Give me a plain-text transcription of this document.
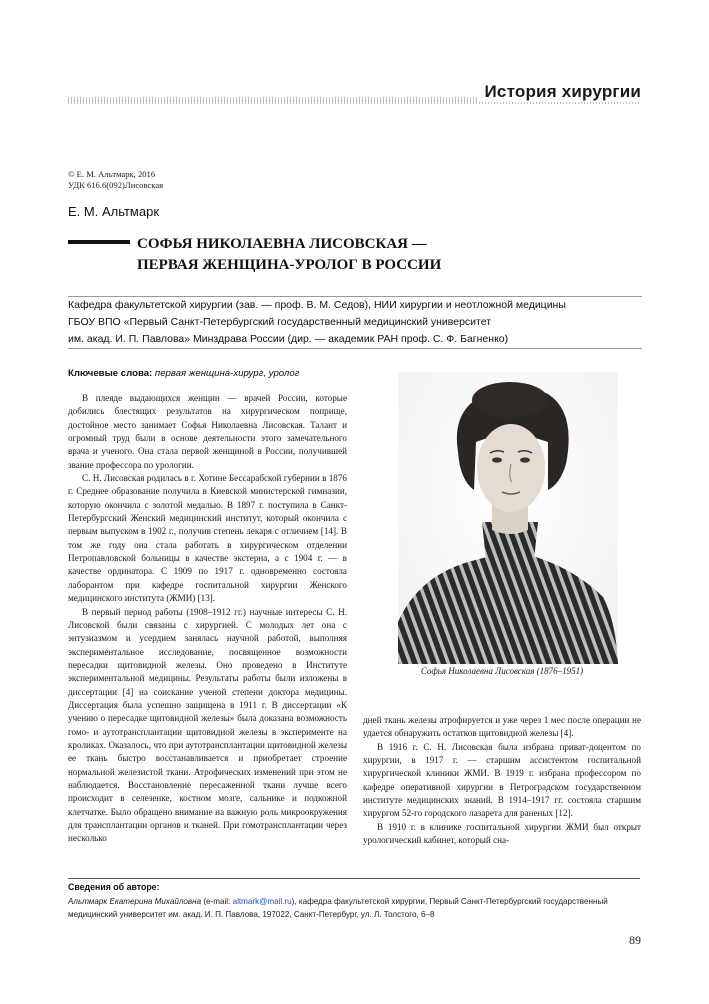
История хирургии
© Е. М. Альтмарк, 2016
УДК 616.6(092)Лисовская
Е. М. Альтмарк
СОФЬЯ НИКОЛАЕВНА ЛИСОВСКАЯ —
ПЕРВАЯ ЖЕНЩИНА-УРОЛОГ В РОССИИ
Кафедра факультетской хирургии (зав. — проф. В. М. Седов), НИИ хирургии и неотложной медицины
ГБОУ ВПО «Первый Санкт-Петербургский государственный медицинский университет
им. акад. И. П. Павлова» Минздрава России (дир. — академик РАН проф. С. Ф. Багненко)
Ключевые слова: первая женщина-хирург, уролог

В плеяде выдающихся женщин — врачей России, которые добились блестящих результатов на хирургическом поприще, достойное место занимает Софья Николаевна Лисовская. Талант и огромный труд были в основе деятельности этого замечательного врача и ученого. Она стала первой женщиной в России, получившей звание профессора по урологии.

С. Н. Лисовская родилась в г. Хотине Бессарабской губернии в 1876 г. Среднее образование получила в Киевской министерской гимназии, которую окончила с золотой медалью. В 1897 г. поступила в Санкт-Петербургский Женский медицинский институт, который окончила с первым выпуском в 1902 г., получив степень лекаря с отличием [14]. В том же году она стала работать в хирургическом отделении Петропавловской больницы в качестве экстерна, а с 1904 г. — в качестве ординатора. С 1909 по 1917 г. одновременно состояла лаборантом при кафедре госпитальной хирургии Женского медицинского института (ЖМИ) [13].

В первый период работы (1908–1912 гг.) научные интересы С. Н. Лисовской были связаны с хирургией. С молодых лет она с энтузиазмом и усердием занялась научной работой, выполняя экспериментальное исследование, посвященное возможности пересадки щитовидной железы. Оно проведено в Институте экспериментальной медицины. Результаты работы были изложены в диссертации [4] на соискание ученой степени доктора медицины. Диссертация была успешно защищена в 1911 г. В диссертации «К учению о пересадке щитовидной железы» была доказана возможность гомо- и аутотрансплантации щитовидной железы в эксперименте на кроликах. Оказалось, что при аутотрансплантации щитовидной железы ее ткань быстро восстанавливается и приобретает строение нормальной железистой ткани. Атрофических изменений при этом не наблюдается. Восстановление пересаженной ткани лучше всего происходит в селезенке, костном мозге, сальнике и подкожной клетчатке. Было обращено внимание на важную роль микроокружения для трансплантации органов и тканей. При гомотрансплантации через несколько

Софья Николаевна Лисовская (1876–1951)

дней ткань железы атрофируется и уже через 1 мес после операции не удается обнаружить остатков щитовидной железы [4].

В 1916 г. С. Н. Лисовская была избрана приват-доцентом по хирургии, в 1917 г. — старшим ассистентом госпитальной хирургической клиники ЖМИ. В 1919 г. избрана профессором по кафедре оперативной хирургии в Петроградском государственном институте медицинских знаний. В 1914–1917 гг. состояла старшим хирургом 52-го городского лазарета для раненых [12].

В 1910 г. в клинике госпитальной хирургии ЖМИ был открыт урологический кабинет, который сна-

Сведения об авторе:
Альтмарк Екатерина Михайловна (e-mail: altmark@mail.ru), кафедра факультетской хирургии, Первый Санкт-Петербургский государственный медицинский университет им. акад. И. П. Павлова, 197022, Санкт-Петербург, ул. Л. Толстого, 6–8
89
